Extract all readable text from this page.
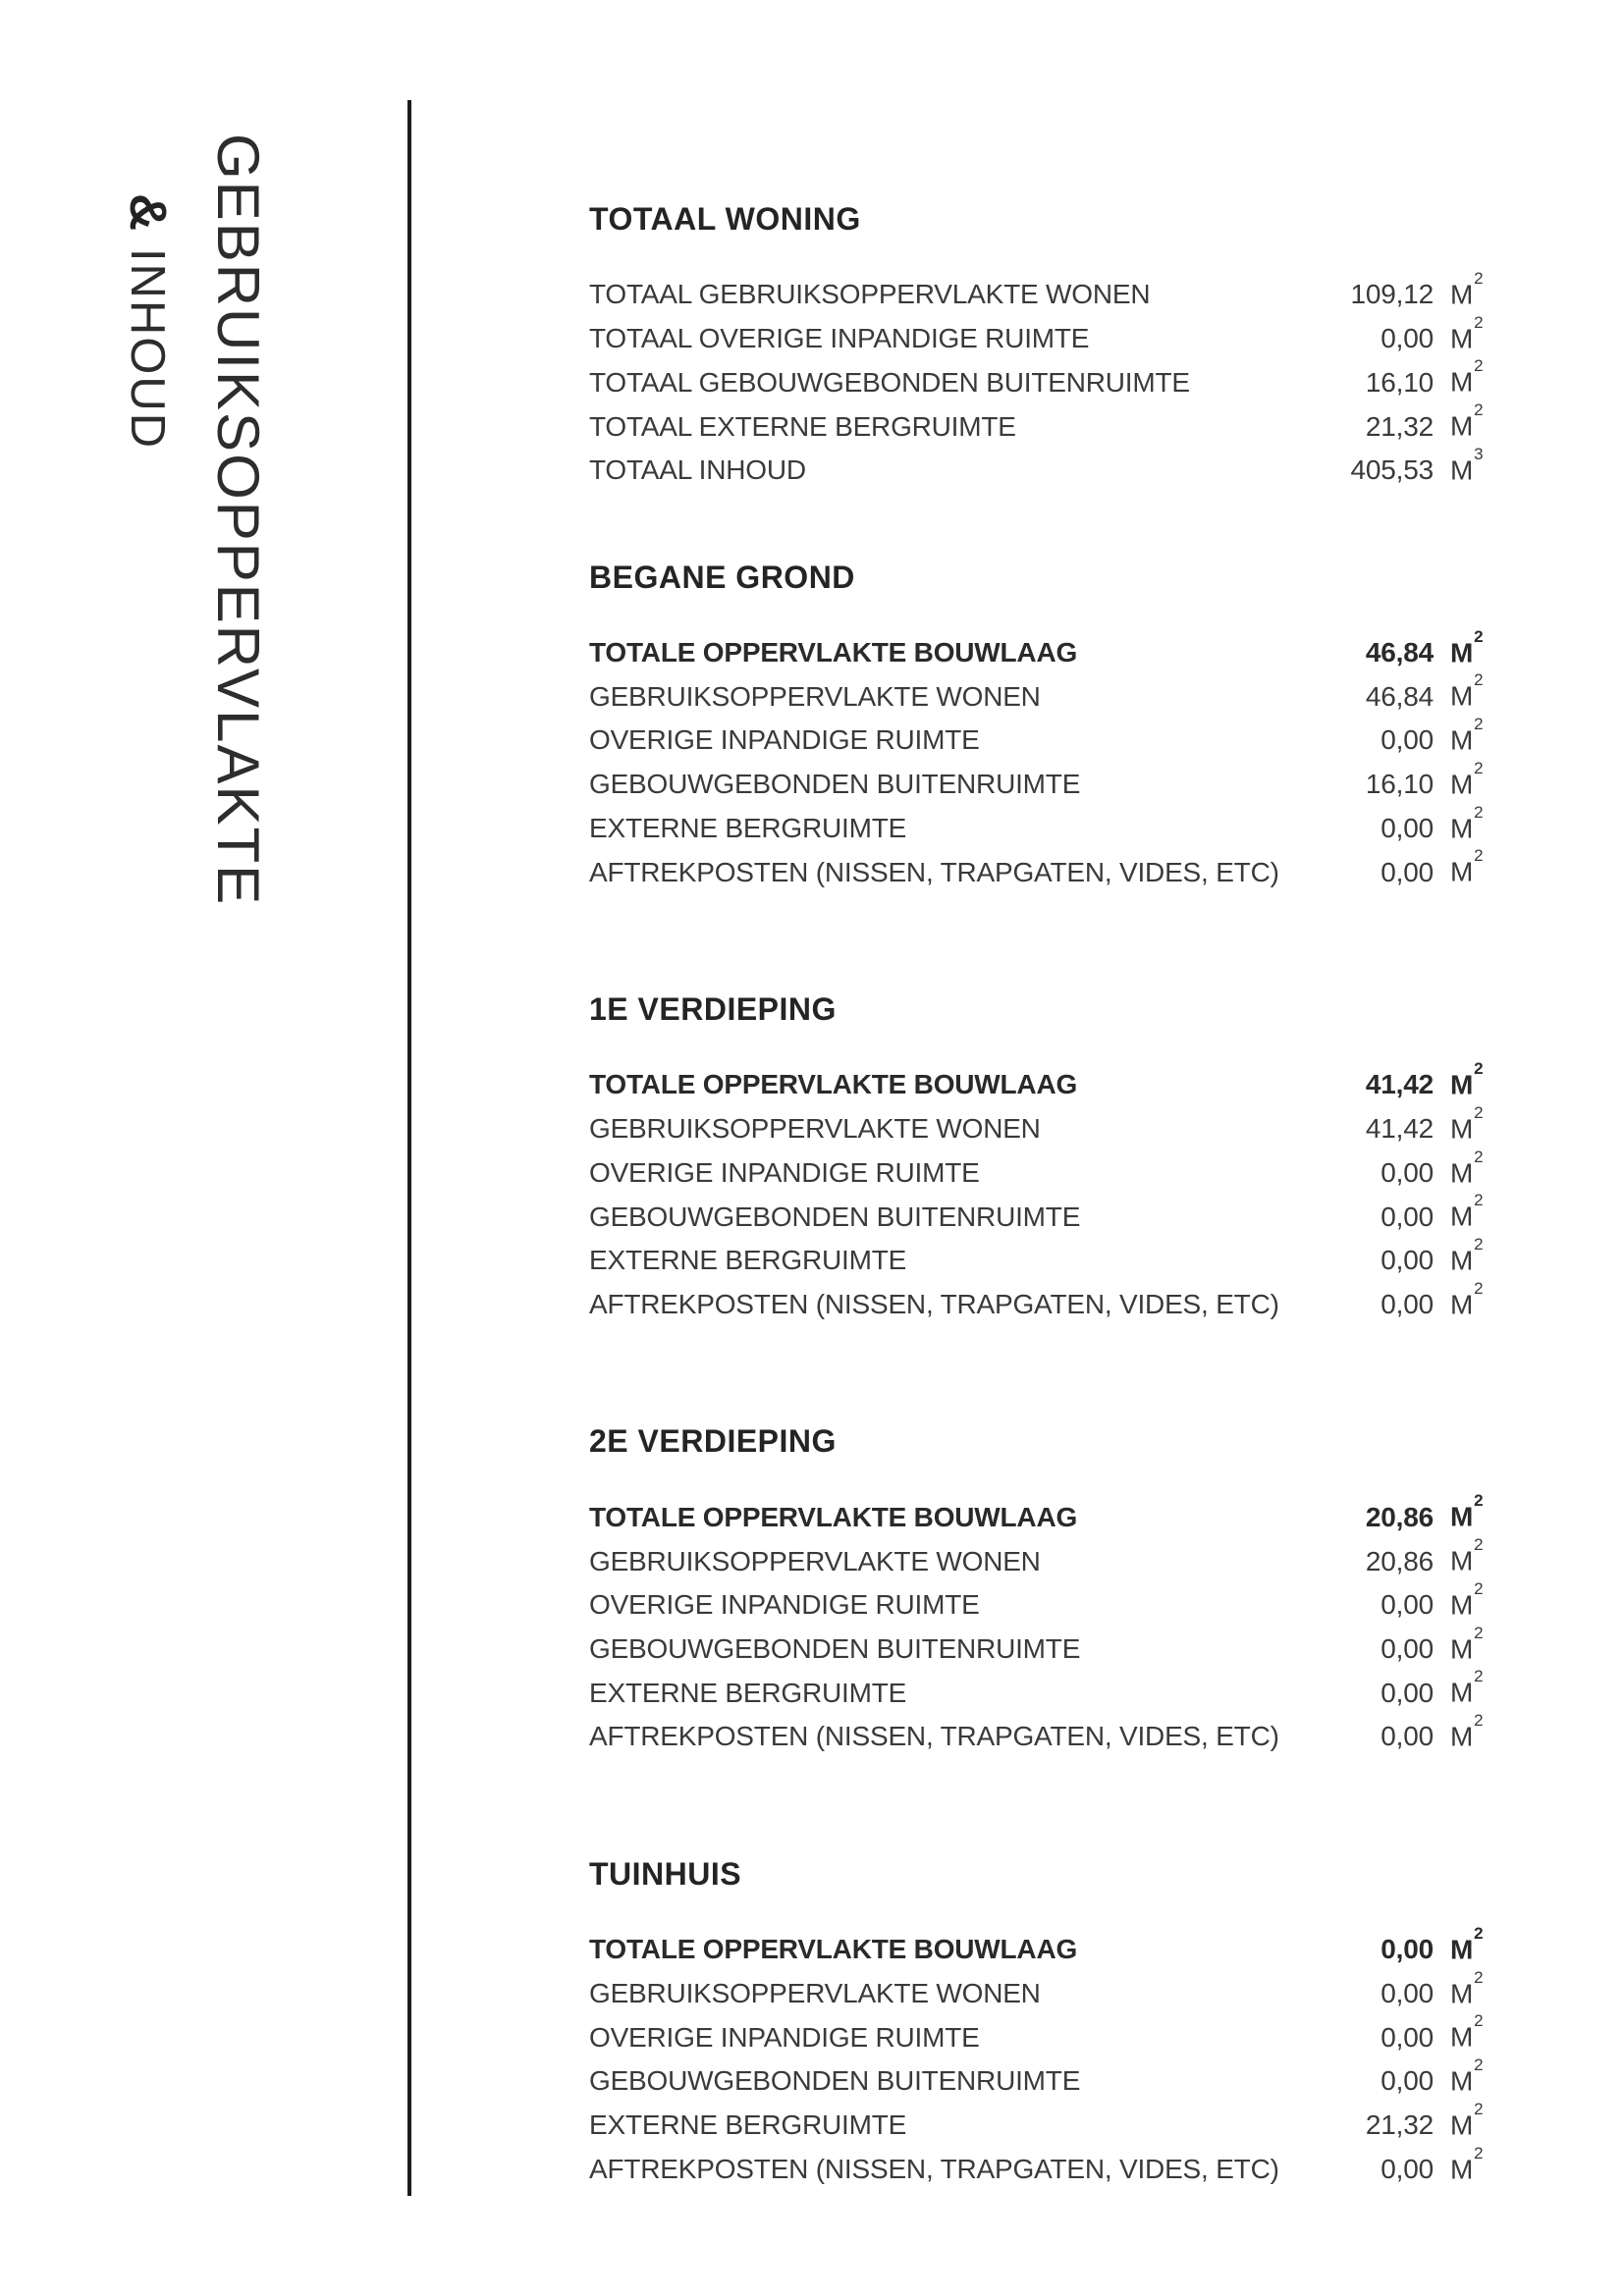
GEBRUIKSOPPERVLAKTE
& INHOUD
TOTAAL WONING
TOTAAL GEBRUIKSOPPERVLAKTE WONEN	109,12 $M^2$
TOTAAL OVERIGE INPANDIGE RUIMTE	0,00 $M^2$
TOTAAL GEBOUWGEBONDEN BUITENRUIMTE	16,10 $M^2$
TOTAAL EXTERNE BERGRUIMTE	21,32 $M^2$
TOTAAL INHOUD	405,53 $M^3$
BEGANE GROND
TOTALE OPPERVLAKTE BOUWLAAG	46,84 $M^2$
GEBRUIKSOPPERVLAKTE WONEN	46,84 $M^2$
OVERIGE INPANDIGE RUIMTE	0,00 $M^2$
GEBOUWGEBONDEN BUITENRUIMTE	16,10 $M^2$
EXTERNE BERGRUIMTE	0,00 $M^2$
AFTREKPOSTEN (NISSEN, TRAPGATEN, VIDES, ETC)	0,00 $M^2$
1E VERDIEPING
TOTALE OPPERVLAKTE BOUWLAAG	41,42 $M^2$
GEBRUIKSOPPERVLAKTE WONEN	41,42 $M^2$
OVERIGE INPANDIGE RUIMTE	0,00 $M^2$
GEBOUWGEBONDEN BUITENRUIMTE	0,00 $M^2$
EXTERNE BERGRUIMTE	0,00 $M^2$
AFTREKPOSTEN (NISSEN, TRAPGATEN, VIDES, ETC)	0,00 $M^2$
2E VERDIEPING
TOTALE OPPERVLAKTE BOUWLAAG	20,86 $M^2$
GEBRUIKSOPPERVLAKTE WONEN	20,86 $M^2$
OVERIGE INPANDIGE RUIMTE	0,00 $M^2$
GEBOUWGEBONDEN BUITENRUIMTE	0,00 $M^2$
EXTERNE BERGRUIMTE	0,00 $M^2$
AFTREKPOSTEN (NISSEN, TRAPGATEN, VIDES, ETC)	0,00 $M^2$
TUINHUIS
TOTALE OPPERVLAKTE BOUWLAAG	0,00 $M^2$
GEBRUIKSOPPERVLAKTE WONEN	0,00 $M^2$
OVERIGE INPANDIGE RUIMTE	0,00 $M^2$
GEBOUWGEBONDEN BUITENRUIMTE	0,00 $M^2$
EXTERNE BERGRUIMTE	21,32 $M^2$
AFTREKPOSTEN (NISSEN, TRAPGATEN, VIDES, ETC)	0,00 $M^2$
